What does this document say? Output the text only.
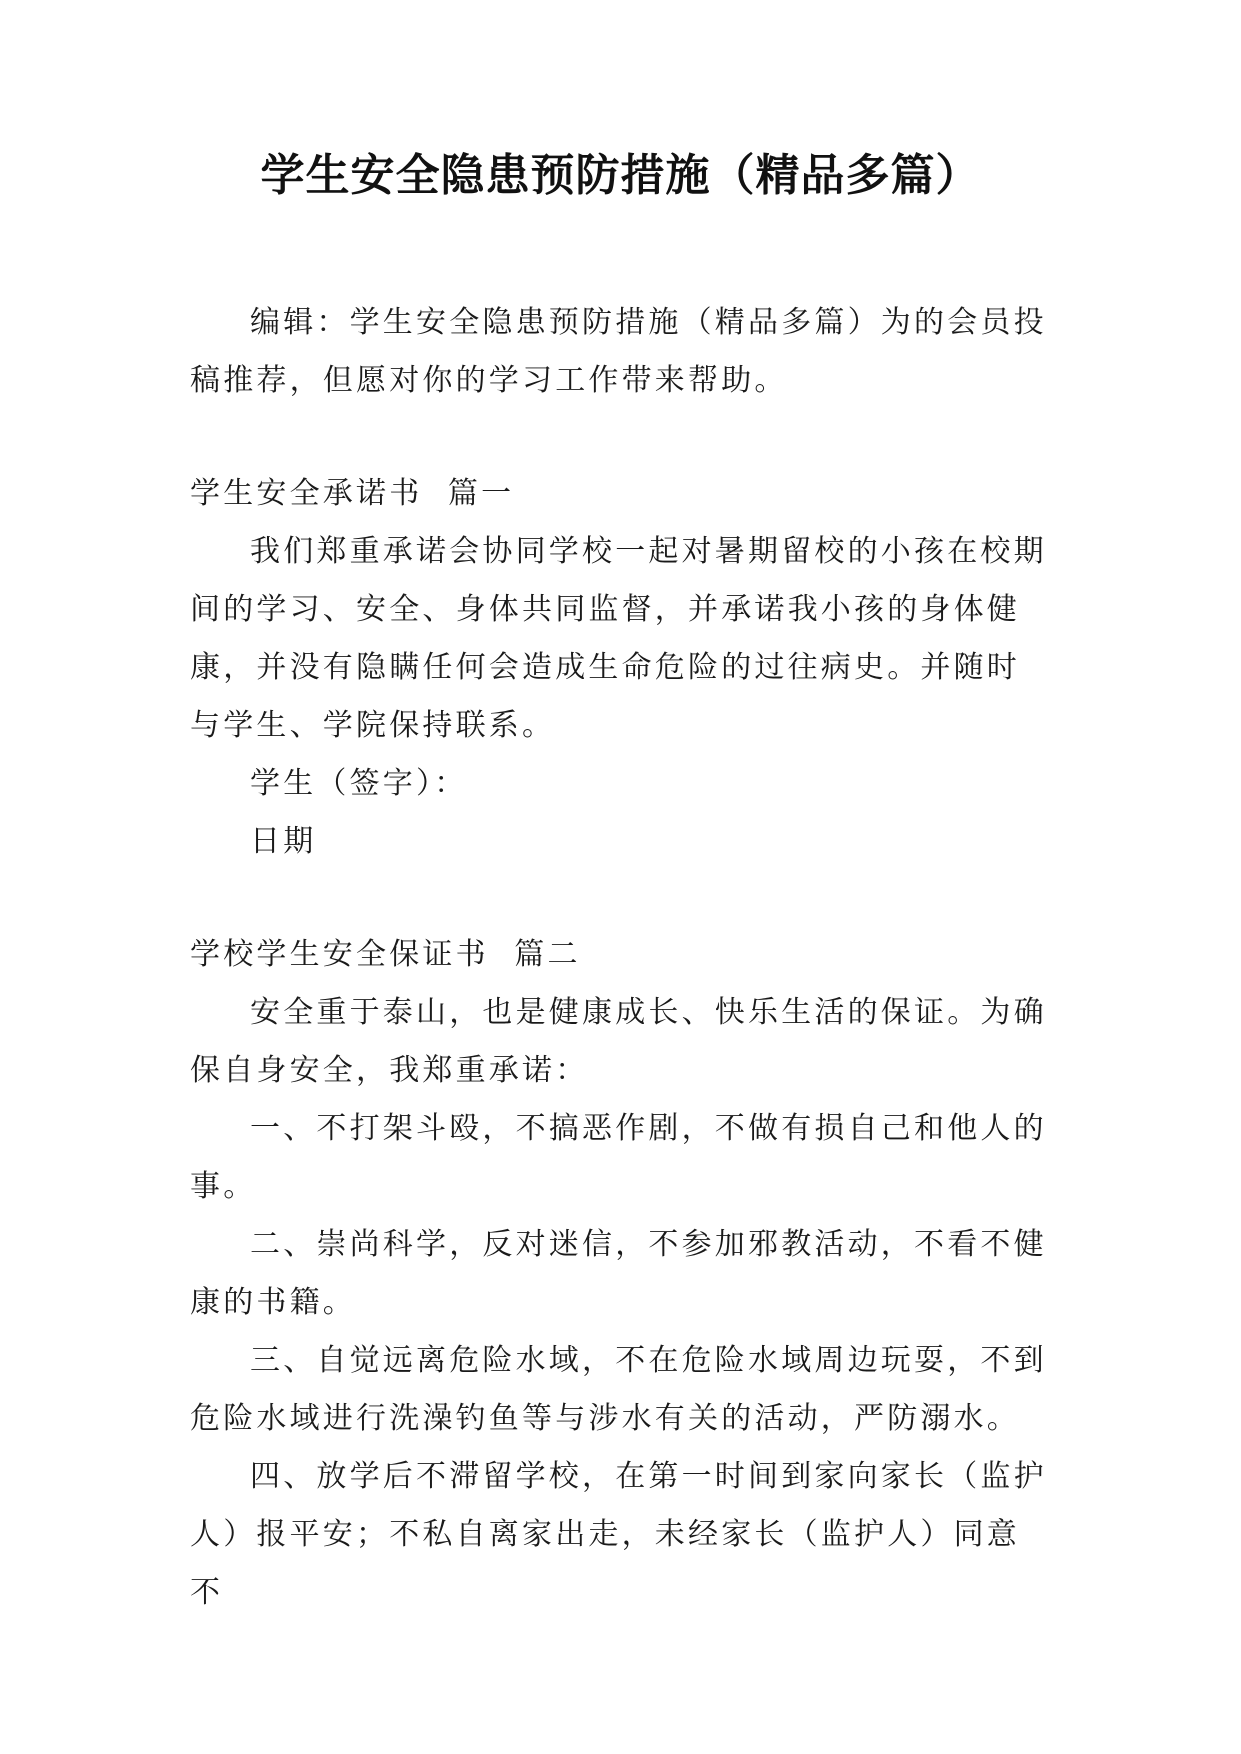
学生安全隐患预防措施（精品多篇）

编辑：学生安全隐患预防措施（精品多篇）为的会员投稿推荐，但愿对你的学习工作带来帮助。

学生安全承诺书  篇一

我们郑重承诺会协同学校一起对暑期留校的小孩在校期间的学习、安全、身体共同监督，并承诺我小孩的身体健康，并没有隐瞒任何会造成生命危险的过往病史。并随时与学生、学院保持联系。

学生（签字）：

日期

学校学生安全保证书  篇二

安全重于泰山，也是健康成长、快乐生活的保证。为确保自身安全，我郑重承诺：

一、不打架斗殴，不搞恶作剧，不做有损自己和他人的事。

二、崇尚科学，反对迷信，不参加邪教活动，不看不健康的书籍。

三、自觉远离危险水域，不在危险水域周边玩耍，不到危险水域进行洗澡钓鱼等与涉水有关的活动，严防溺水。

四、放学后不滞留学校，在第一时间到家向家长（监护人）报平安；不私自离家出走，未经家长（监护人）同意不
